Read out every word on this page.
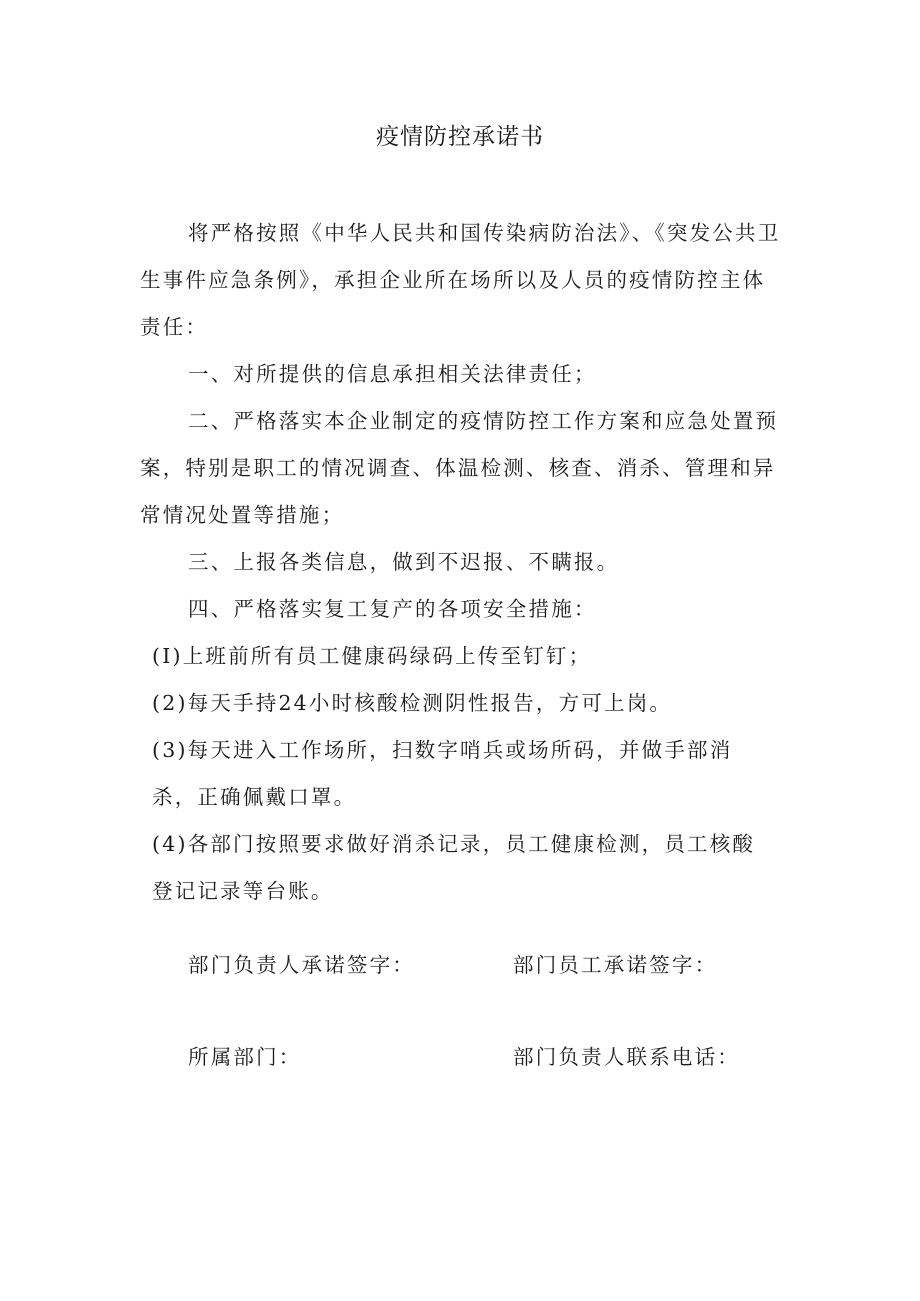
疫情防控承诺书

将严格按照《中华人民共和国传染病防治法》、《突发公共卫生事件应急条例》，承担企业所在场所以及人员的疫情防控主体责任：

一、对所提供的信息承担相关法律责任；

二、严格落实本企业制定的疫情防控工作方案和应急处置预案，特别是职工的情况调查、体温检测、核查、消杀、管理和异常情况处置等措施；

三、上报各类信息，做到不迟报、不瞒报。

四、严格落实复工复产的各项安全措施：

(I)上班前所有员工健康码绿码上传至钉钉；

(2)每天手持24小时核酸检测阴性报告，方可上岗。

(3)每天进入工作场所，扫数字哨兵或场所码，并做手部消杀，正确佩戴口罩。

(4)各部门按照要求做好消杀记录，员工健康检测，员工核酸登记记录等台账。

部门负责人承诺签字：	部门员工承诺签字：
所属部门：	部门负责人联系电话：
